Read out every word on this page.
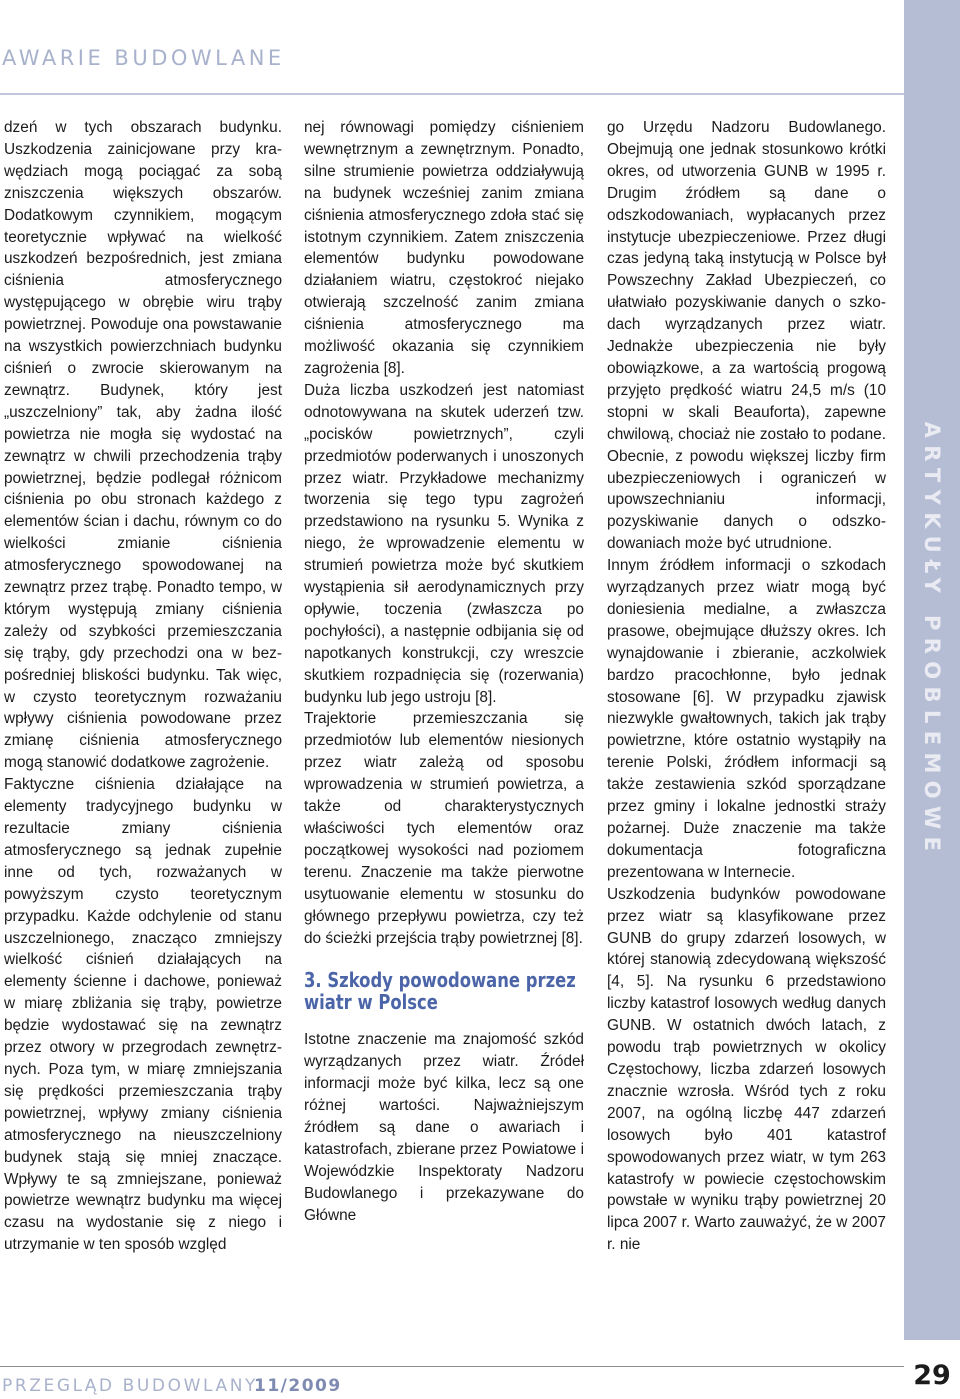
AWARIE BUDOWLANE
ARTYKUŁY PROBLEMOWE

dzeń w tych obszarach budynku. Uszkodzenia zainicjowane przy krawędziach mogą pociągać za sobą zniszczenia większych obszarów. Dodatkowym czynnikiem, mogącym teoretycznie wpływać na wielkość uszkodzeń bezpośrednich, jest zmiana ciśnienia atmosferycznego występującego w obrębie wiru trąby powietrznej. Powoduje ona powstawanie na wszystkich powierzchniach budynku ciśnień o zwrocie skierowanym na zewnątrz. Budynek, który jest „uszczelniony” tak, aby żadna ilość powietrza nie mogła się wydostać na zewnątrz w chwili przechodzenia trąby powietrznej, będzie podlegał różnicom ciśnienia po obu stronach każdego z elementów ścian i dachu, równym co do wielkości zmianie ciśnienia atmosferycznego spowodowanej na zewnątrz przez trąbę. Ponadto tempo, w którym występują zmiany ciśnienia zależy od szybkości przemieszczania się trąby, gdy przechodzi ona w bezpośredniej bliskości budynku. Tak więc, w czysto teoretycznym rozważaniu wpływy ciśnienia powodowane przez zmianę ciśnienia atmosferycznego mogą stanowić dodatkowe zagrożenie.

Faktyczne ciśnienia działające na elementy tradycyjnego budynku w rezultacie zmiany ciśnienia atmosferycznego są jednak zupełnie inne od tych, rozważanych w powyższym czysto teoretycznym przypadku. Każde odchylenie od stanu uszczelnionego, znacząco zmniejszy wielkość ciśnień działających na elementy ścienne i dachowe, ponieważ w miarę zbliżania się trąby, powietrze będzie wydostawać się na zewnątrz przez otwory w przegrodach zewnętrznych. Poza tym, w miarę zmniejszania się prędkości przemieszczania trąby powietrznej, wpływy zmiany ciśnienia atmosferycznego na nieuszczelniony budynek stają się mniej znaczące. Wpływy te są zmniejszane, ponieważ powietrze wewnątrz budynku ma więcej czasu na wydostanie się z niego i utrzymanie w ten sposób względ

nej równowagi pomiędzy ciśnieniem wewnętrznym a zewnętrznym. Ponadto, silne strumienie powietrza oddziaływują na budynek wcześniej zanim zmiana ciśnienia atmosferycznego zdoła stać się istotnym czynnikiem. Zatem zniszczenia elementów budynku powodowane działaniem wiatru, częstokroć niejako otwierają szczelność zanim zmiana ciśnienia atmosferycznego ma możliwość okazania się czynnikiem zagrożenia [8].

Duża liczba uszkodzeń jest natomiast odnotowywana na skutek uderzeń tzw. „pocisków powietrznych”, czyli przedmiotów poderwanych i unoszonych przez wiatr. Przykładowe mechanizmy tworzenia się tego typu zagrożeń przedstawiono na rysunku 5. Wynika z niego, że wprowadzenie elementu w strumień powietrza może być skutkiem wystąpienia sił aerodynamicznych przy opływie, toczenia (zwłaszcza po pochyłości), a następnie odbijania się od napotkanych konstrukcji, czy wreszcie skutkiem rozpadnięcia się (rozerwania) budynku lub jego ustroju [8].

Trajektorie przemieszczania się przedmiotów lub elementów niesionych przez wiatr zależą od sposobu wprowadzenia w strumień powietrza, a także od charakterystycznych właściwości tych elementów oraz początkowej wysokości nad poziomem terenu. Znaczenie ma także pierwotne usytuowanie elementu w stosunku do głównego przepływu powietrza, czy też do ścieżki przejścia trąby powietrznej [8].

3. Szkody powodowane przez wiatr w Polsce

Istotne znaczenie ma znajomość szkód wyrządzanych przez wiatr. Źródeł informacji może być kilka, lecz są one różnej wartości. Najważniejszym źródłem są dane o awariach i katastrofach, zbierane przez Powiatowe i Wojewódzkie Inspektoraty Nadzoru Budowlanego i przekazywane do Główne

go Urzędu Nadzoru Budowlanego. Obejmują one jednak stosunkowo krótki okres, od utworzenia GUNB w 1995 r. Drugim źródłem są dane o odszkodowaniach, wypłacanych przez instytucje ubezpieczeniowe. Przez długi czas jedyną taką instytucją w Polsce był Powszechny Zakład Ubezpieczeń, co ułatwiało pozyskiwanie danych o szkodach wyrządzanych przez wiatr. Jednakże ubezpieczenia nie były obowiązkowe, a za wartością progową przyjęto prędkość wiatru 24,5 m/s (10 stopni w skali Beauforta), zapewne chwilową, chociaż nie zostało to podane. Obecnie, z powodu większej liczby firm ubezpieczeniowych i ograniczeń w upowszechnianiu informacji, pozyskiwanie danych o odszkodowaniach może być utrudnione.

Innym źródłem informacji o szkodach wyrządzanych przez wiatr mogą być doniesienia medialne, a zwłaszcza prasowe, obejmujące dłuższy okres. Ich wynajdowanie i zbieranie, aczkolwiek bardzo pracochłonne, było jednak stosowane [6]. W przypadku zjawisk niezwykle gwałtownych, takich jak trąby powietrzne, które ostatnio wystąpiły na terenie Polski, źródłem informacji są także zestawienia szkód sporządzane przez gminy i lokalne jednostki straży pożarnej. Duże znaczenie ma także dokumentacja fotograficzna prezentowana w Internecie.

Uszkodzenia budynków powodowane przez wiatr są klasyfikowane przez GUNB do grupy zdarzeń losowych, w której stanowią zdecydowaną większość [4, 5]. Na rysunku 6 przedstawiono liczby katastrof losowych według danych GUNB. W ostatnich dwóch latach, z powodu trąb powietrznych w okolicy Częstochowy, liczba zdarzeń losowych znacznie wzrosła. Wśród tych z roku 2007, na ogólną liczbę 447 zdarzeń losowych było 401 katastrof spowodowanych przez wiatr, w tym 263 katastrofy w powiecie częstochowskim powstałe w wyniku trąby powietrznej 20 lipca 2007 r. Warto zauważyć, że w 2007 r. nie

PRZEGLĄD BUDOWLANY
11/2009	29
